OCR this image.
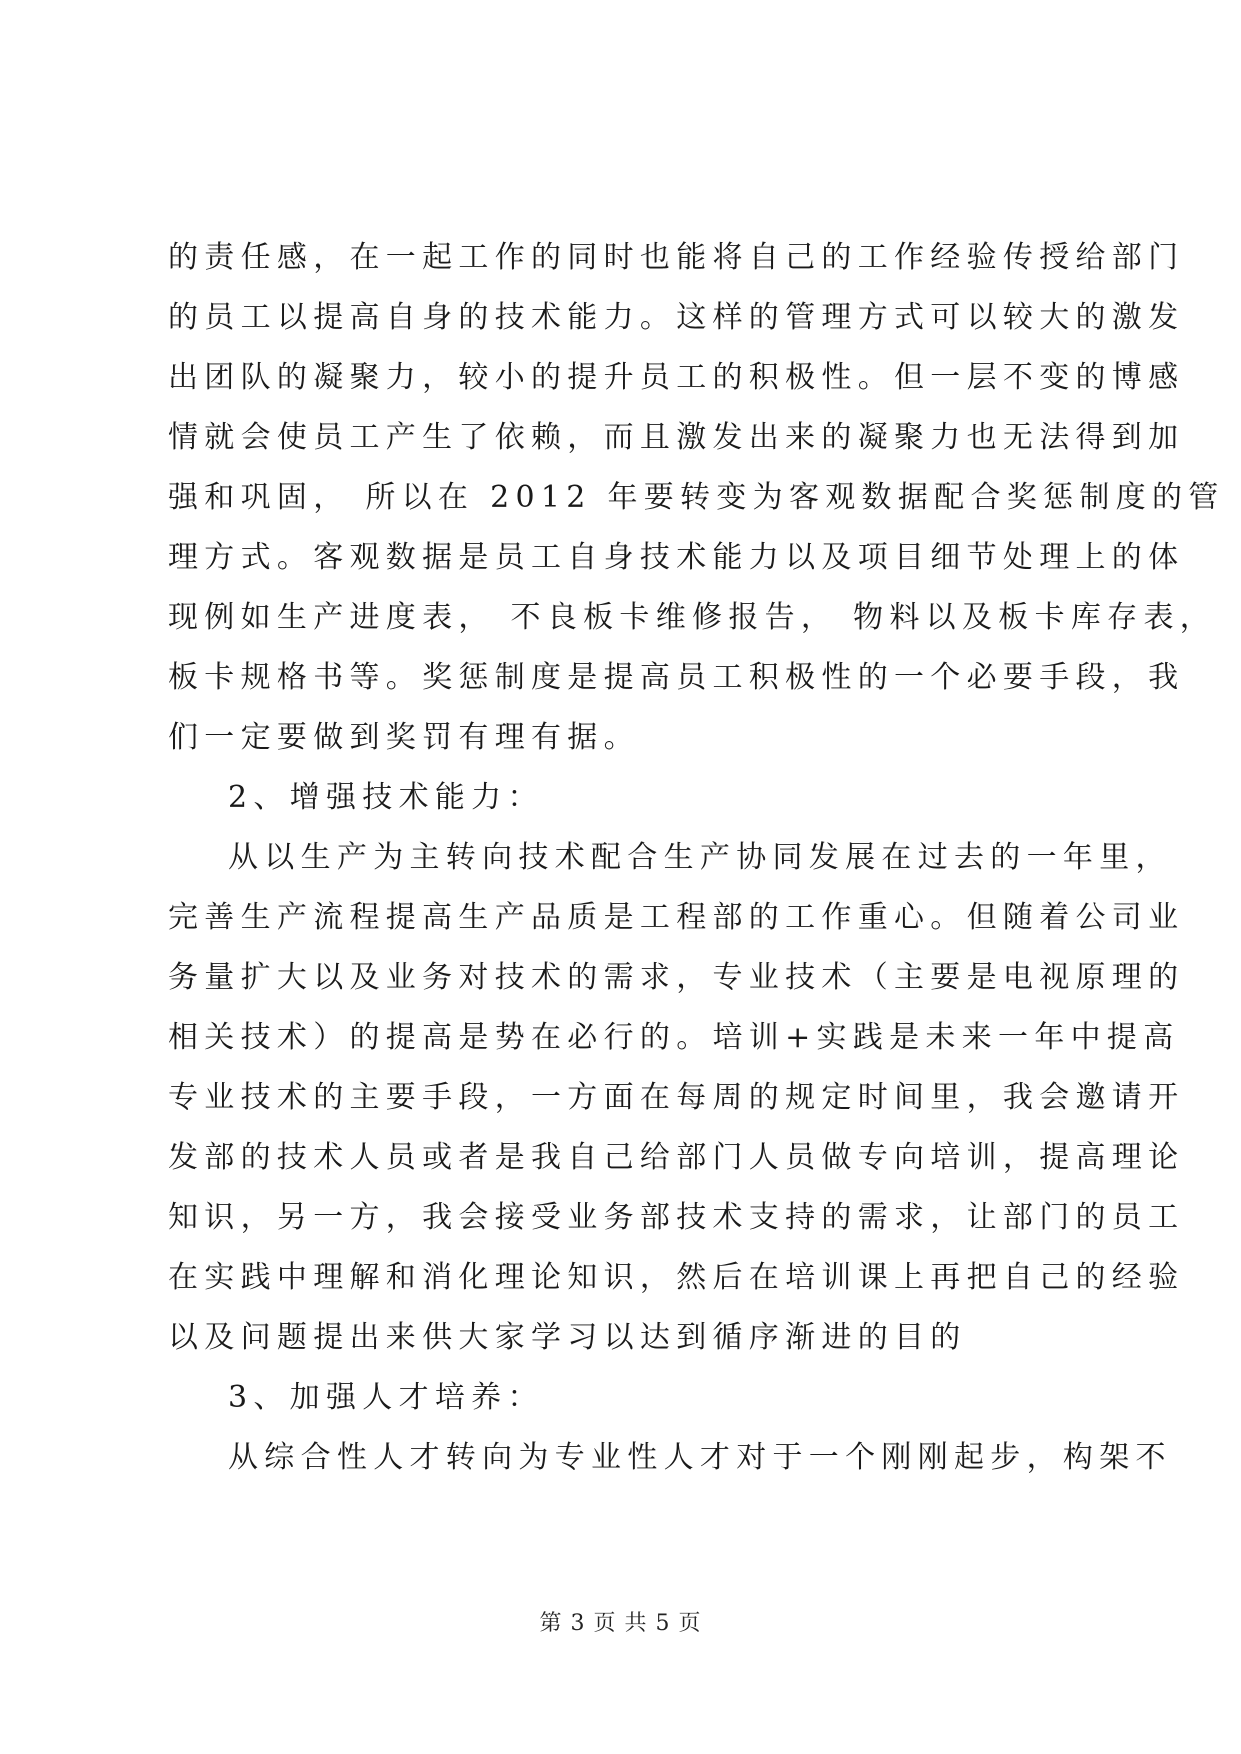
的责任感，在一起工作的同时也能将自己的工作经验传授给部门
的员工以提高自身的技术能力。这样的管理方式可以较大的激发
出团队的凝聚力，较小的提升员工的积极性。但一层不变的博感
情就会使员工产生了依赖，而且激发出来的凝聚力也无法得到加
强和巩固， 所以在 2012 年要转变为客观数据配合奖惩制度的管
理方式。客观数据是员工自身技术能力以及项目细节处理上的体
现例如生产进度表， 不良板卡维修报告， 物料以及板卡库存表，
板卡规格书等。奖惩制度是提高员工积极性的一个必要手段，我
们一定要做到奖罚有理有据。
2、增强技术能力：
从以生产为主转向技术配合生产协同发展在过去的一年里，
完善生产流程提高生产品质是工程部的工作重心。但随着公司业
务量扩大以及业务对技术的需求，专业技术（主要是电视原理的
相关技术）的提高是势在必行的。培训+实践是未来一年中提高
专业技术的主要手段，一方面在每周的规定时间里，我会邀请开
发部的技术人员或者是我自己给部门人员做专向培训，提高理论
知识，另一方，我会接受业务部技术支持的需求，让部门的员工
在实践中理解和消化理论知识，然后在培训课上再把自己的经验
以及问题提出来供大家学习以达到循序渐进的目的
3、加强人才培养：
从综合性人才转向为专业性人才对于一个刚刚起步，构架不
第 3 页 共 5 页
